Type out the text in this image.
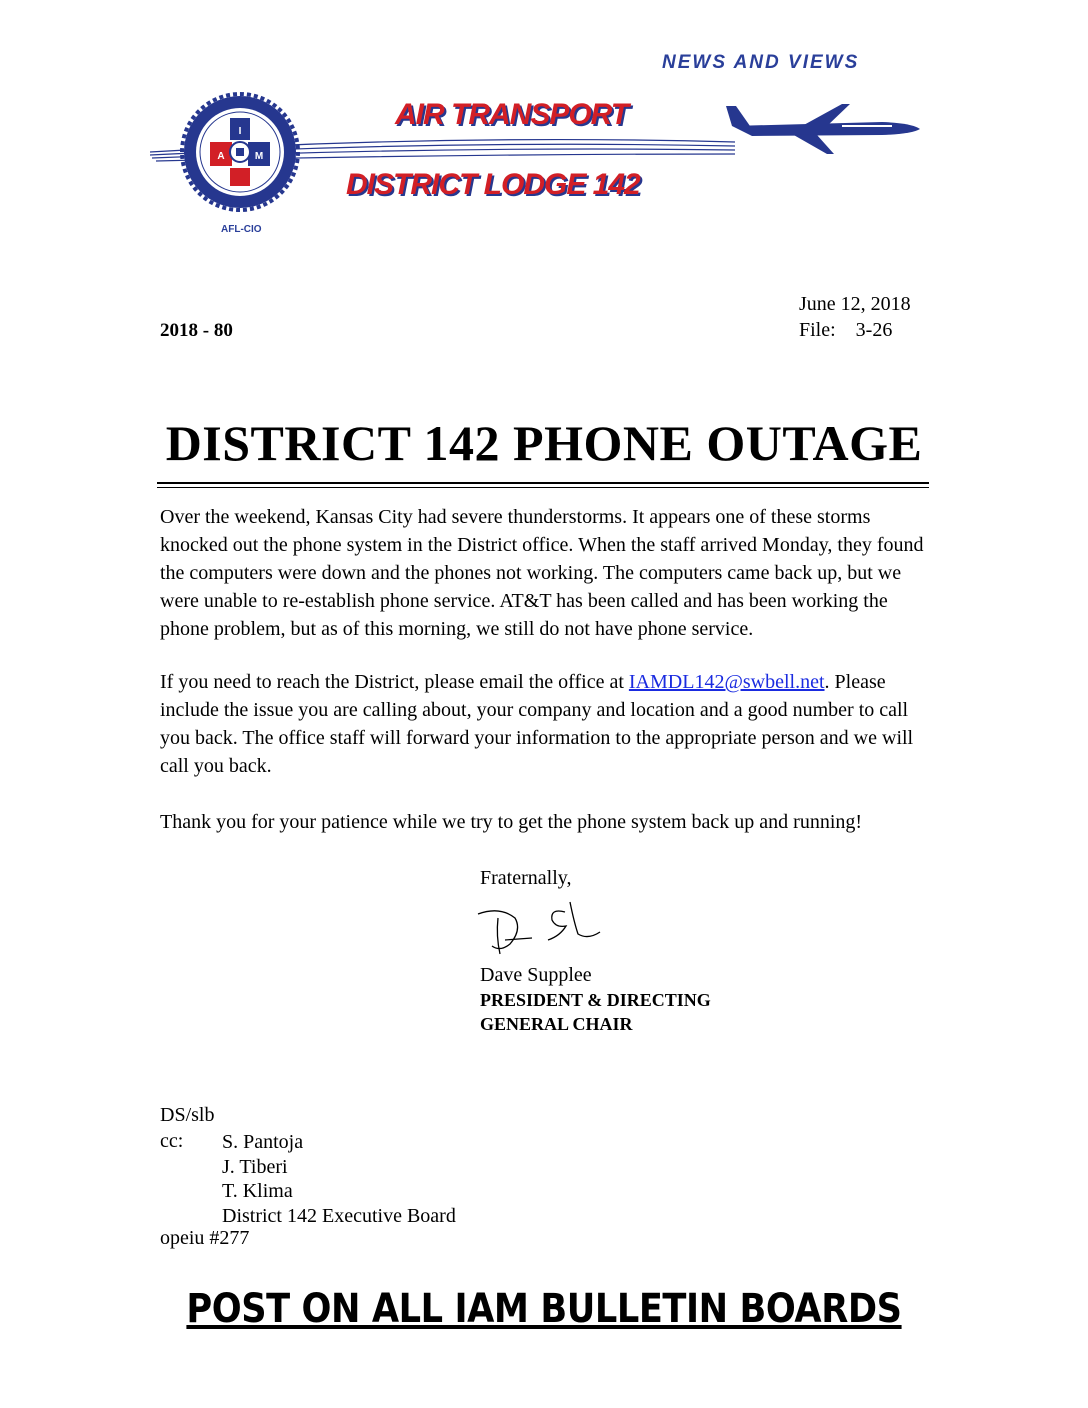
NEWS AND VIEWS
I
A	M
AIR TRANSPORT
DISTRICT LODGE 142
AFL-CIO
June 12, 2018
File: 3-26
2018 - 80
DISTRICT 142 PHONE OUTAGE

Over the weekend, Kansas City had severe thunderstorms. It appears one of these storms knocked out the phone system in the District office. When the staff arrived Monday, they found the computers were down and the phones not working. The computers came back up, but we were unable to re-establish phone service. AT&T has been called and has been working the phone problem, but as of this morning, we still do not have phone service.

If you need to reach the District, please email the office at IAMDL142@swbell.net. Please include the issue you are calling about, your company and location and a good number to call you back. The office staff will forward your information to the appropriate person and we will call you back.

Thank you for your patience while we try to get the phone system back up and running!

Fraternally,
Dave Supplee
PRESIDENT & DIRECTING
GENERAL CHAIR
DS/slb
cc: S. Pantoja
J. Tiberi
T. Klima
District 142 Executive Board
opeiu #277
POST ON ALL IAM BULLETIN BOARDS
